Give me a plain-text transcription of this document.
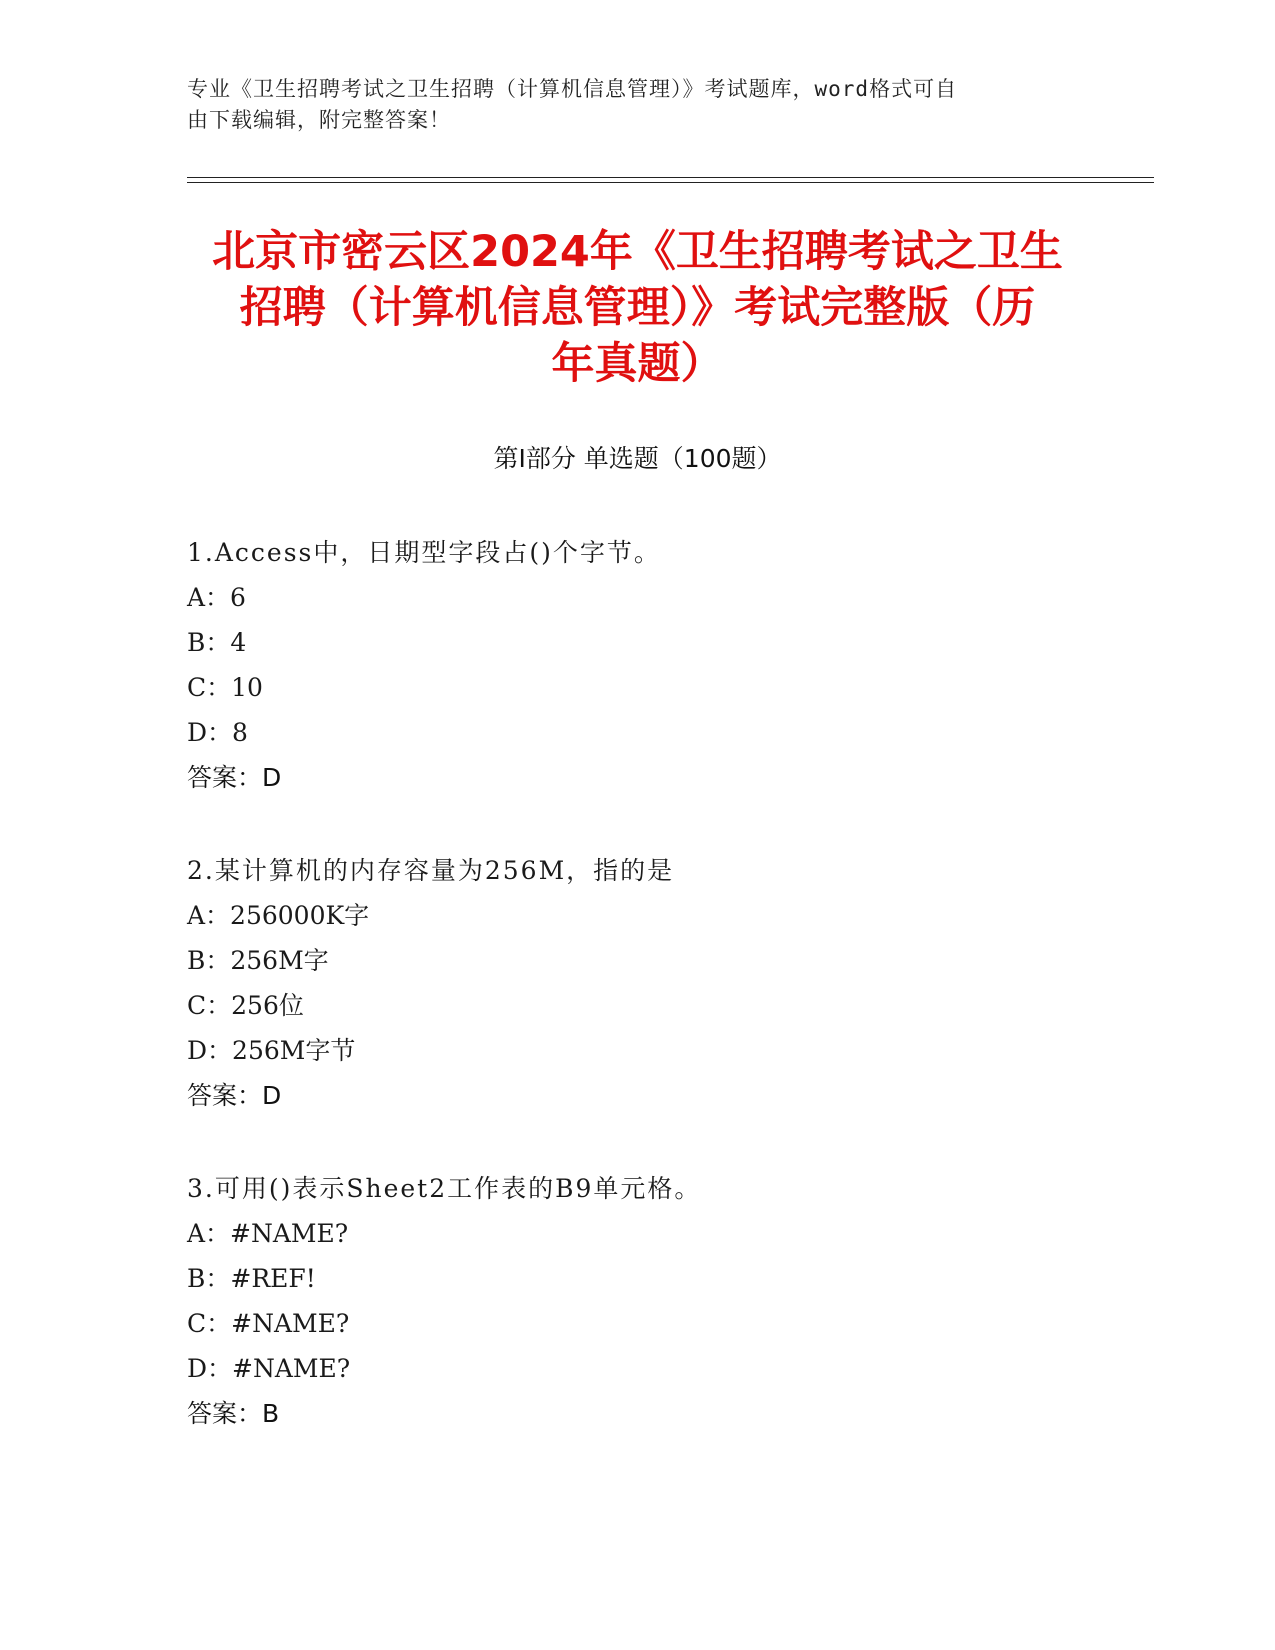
专业《卫生招聘考试之卫生招聘（计算机信息管理）》考试题库，word格式可自
由下载编辑，附完整答案！
北京市密云区2024年《卫生招聘考试之卫生
招聘（计算机信息管理）》考试完整版（历
年真题）
第Ⅰ部分 单选题（100题）
1.Access中，日期型字段占()个字节。
A：6
B：4
C：10
D：8
答案：D
2.某计算机的内存容量为256M，指的是
A：256000K字
B：256M字
C：256位
D：256M字节
答案：D
3.可用()表示Sheet2工作表的B9单元格。
A：#NAME?
B：#REF!
C：#NAME?
D：#NAME?
答案：B
